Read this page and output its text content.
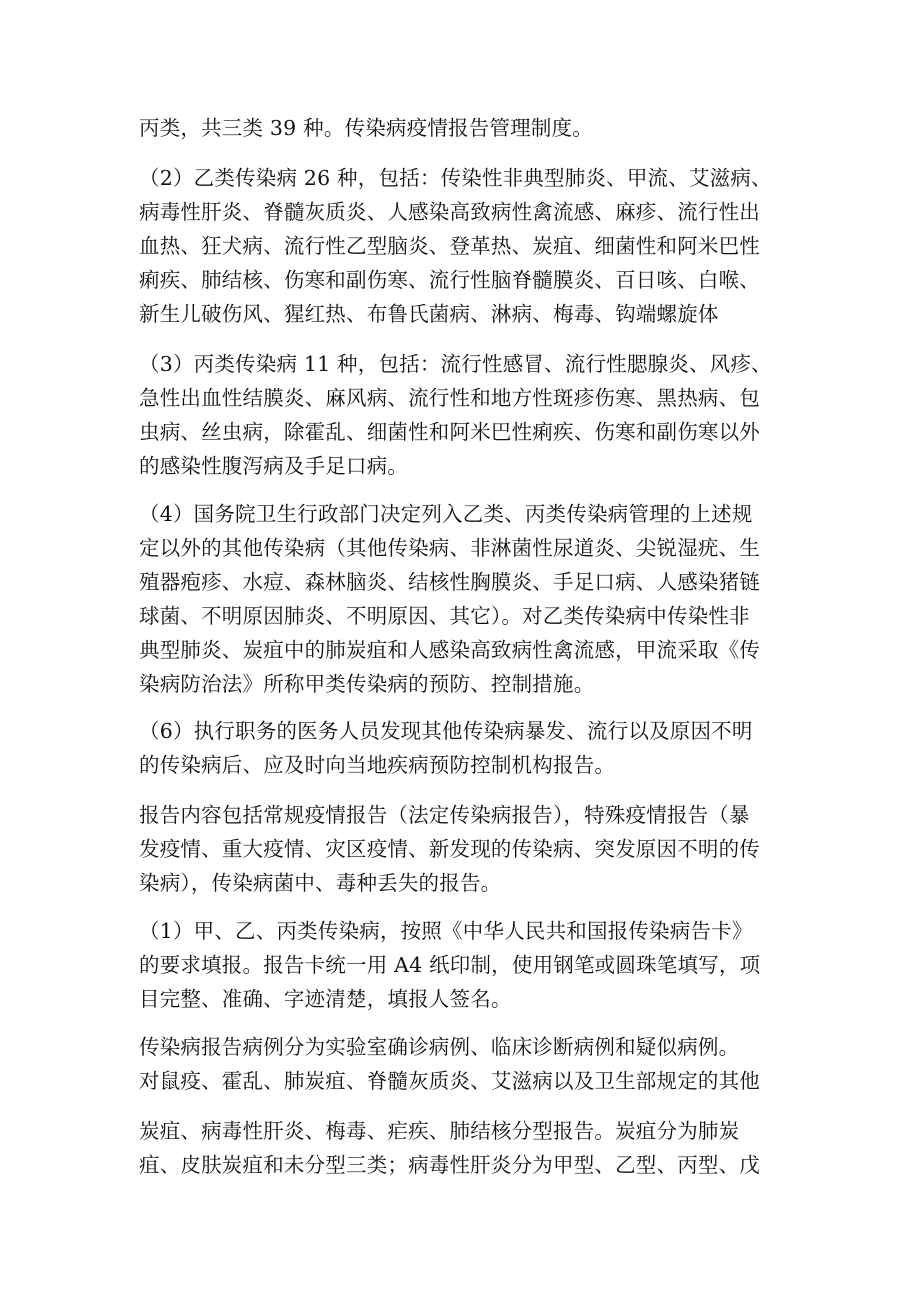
丙类，共三类 39 种。传染病疫情报告管理制度。
（2）乙类传染病 26 种，包括：传染性非典型肺炎、甲流、艾滋病、
病毒性肝炎、脊髓灰质炎、人感染高致病性禽流感、麻疹、流行性出
血热、狂犬病、流行性乙型脑炎、登革热、炭疽、细菌性和阿米巴性
痢疾、肺结核、伤寒和副伤寒、流行性脑脊髓膜炎、百日咳、白喉、
新生儿破伤风、猩红热、布鲁氏菌病、淋病、梅毒、钩端螺旋体
（3）丙类传染病 11 种，包括：流行性感冒、流行性腮腺炎、风疹、
急性出血性结膜炎、麻风病、流行性和地方性斑疹伤寒、黑热病、包
虫病、丝虫病，除霍乱、细菌性和阿米巴性痢疾、伤寒和副伤寒以外
的感染性腹泻病及手足口病。
（4）国务院卫生行政部门决定列入乙类、丙类传染病管理的上述规
定以外的其他传染病（其他传染病、非淋菌性尿道炎、尖锐湿疣、生
殖器疱疹、水痘、森林脑炎、结核性胸膜炎、手足口病、人感染猪链
球菌、不明原因肺炎、不明原因、其它）。对乙类传染病中传染性非
典型肺炎、炭疽中的肺炭疽和人感染高致病性禽流感，甲流采取《传
染病防治法》所称甲类传染病的预防、控制措施。
（6）执行职务的医务人员发现其他传染病暴发、流行以及原因不明
的传染病后、应及时向当地疾病预防控制机构报告。
报告内容包括常规疫情报告（法定传染病报告），特殊疫情报告（暴
发疫情、重大疫情、灾区疫情、新发现的传染病、突发原因不明的传
染病），传染病菌中、毒种丢失的报告。
（1）甲、乙、丙类传染病，按照《中华人民共和国报传染病告卡》
的要求填报。报告卡统一用 A4 纸印制，使用钢笔或圆珠笔填写，项
目完整、准确、字迹清楚，填报人签名。
传染病报告病例分为实验室确诊病例、临床诊断病例和疑似病例。
对鼠疫、霍乱、肺炭疽、脊髓灰质炎、艾滋病以及卫生部规定的其他
炭疽、病毒性肝炎、梅毒、疟疾、肺结核分型报告。炭疽分为肺炭
疽、皮肤炭疽和未分型三类；病毒性肝炎分为甲型、乙型、丙型、戊
